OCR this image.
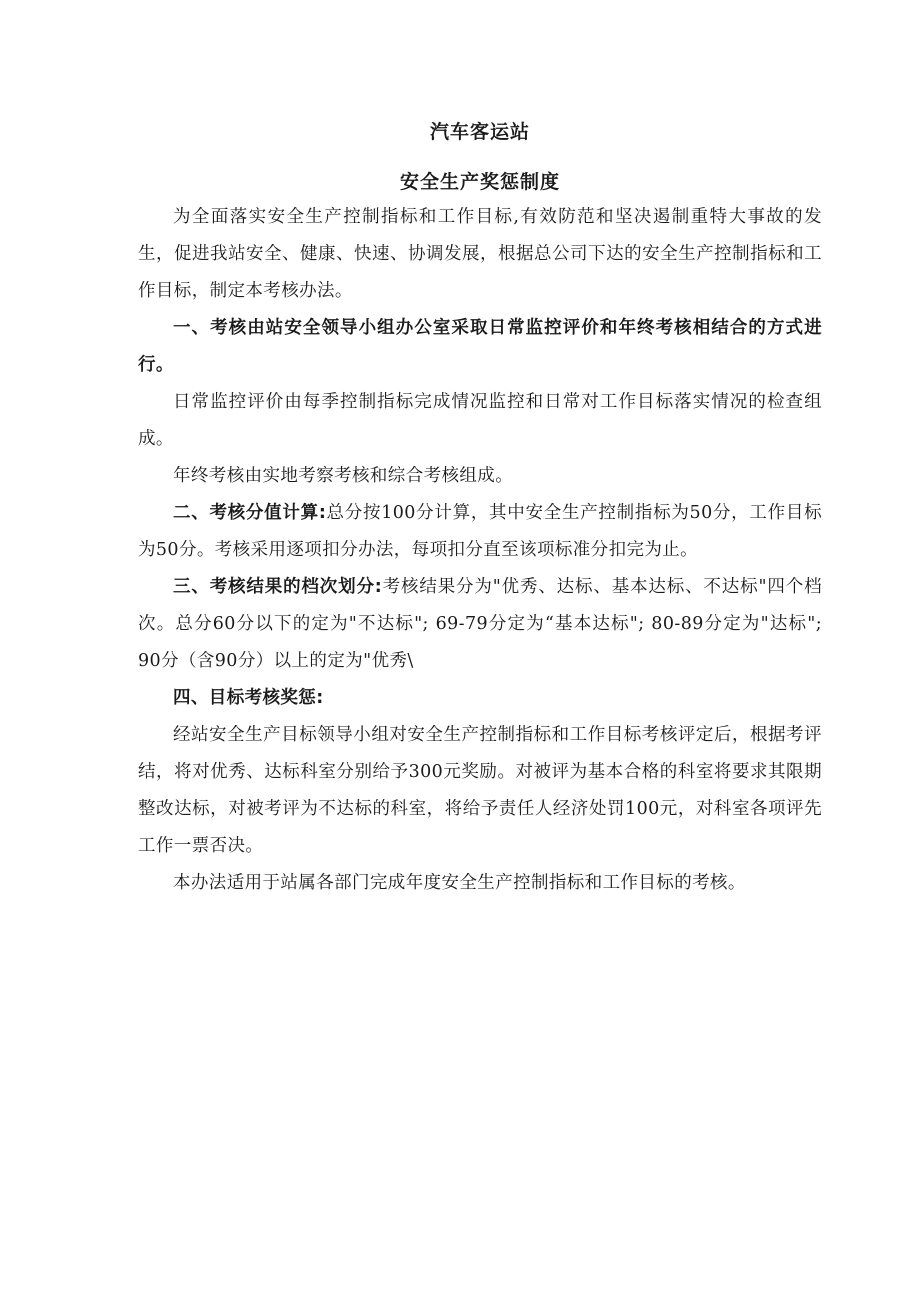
汽车客运站

安全生产奖惩制度

为全面落实安全生产控制指标和工作目标,有效防范和坚决遏制重特大事故的发生，促进我站安全、健康、快速、协调发展，根据总公司下达的安全生产控制指标和工作目标，制定本考核办法。

一、考核由站安全领导小组办公室采取日常监控评价和年终考核相结合的方式进行。

日常监控评价由每季控制指标完成情况监控和日常对工作目标落实情况的检查组成。

年终考核由实地考察考核和综合考核组成。

二、考核分值计算:总分按100分计算，其中安全生产控制指标为50分，工作目标为50分。考核采用逐项扣分办法，每项扣分直至该项标准分扣完为止。

三、考核结果的档次划分:考核结果分为"优秀、达标、基本达标、不达标"四个档次。总分60分以下的定为"不达标"; 69-79分定为“基本达标"; 80-89分定为"达标"; 90分（含90分）以上的定为"优秀\

四、目标考核奖惩:

经站安全生产目标领导小组对安全生产控制指标和工作目标考核评定后，根据考评结，将对优秀、达标科室分别给予300元奖励。对被评为基本合格的科室将要求其限期整改达标，对被考评为不达标的科室，将给予责任人经济处罚100元，对科室各项评先工作一票否决。

本办法适用于站属各部门完成年度安全生产控制指标和工作目标的考核。
